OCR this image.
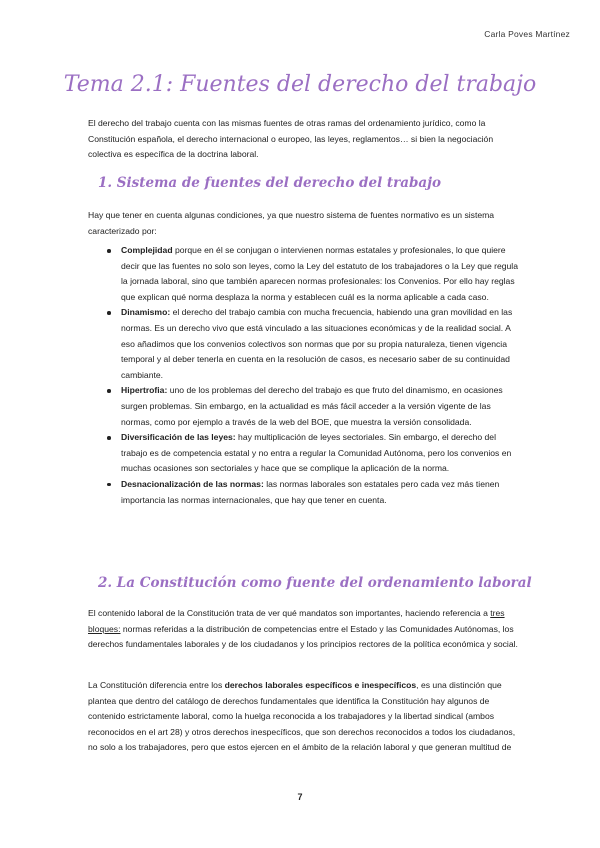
Carla Poves Martínez
Tema 2.1: Fuentes del derecho del trabajo

El derecho del trabajo cuenta con las mismas fuentes de otras ramas del ordenamiento jurídico, como la Constitución española, el derecho internacional o europeo, las leyes, reglamentos… si bien la negociación colectiva es específica de la doctrina laboral.

1. Sistema de fuentes del derecho del trabajo

Hay que tener en cuenta algunas condiciones, ya que nuestro sistema de fuentes normativo es un sistema caracterizado por:

Complejidad porque en él se conjugan o intervienen normas estatales y profesionales, lo que quiere decir que las fuentes no solo son leyes, como la Ley del estatuto de los trabajadores o la Ley que regula la jornada laboral, sino que también aparecen normas profesionales: los Convenios. Por ello hay reglas que explican qué norma desplaza la norma y establecen cuál es la norma aplicable a cada caso.
Dinamismo: el derecho del trabajo cambia con mucha frecuencia, habiendo una gran movilidad en las normas. Es un derecho vivo que está vinculado a las situaciones económicas y de la realidad social. A eso añadimos que los convenios colectivos son normas que por su propia naturaleza, tienen vigencia temporal y al deber tenerla en cuenta en la resolución de casos, es necesario saber de su continuidad cambiante.
Hipertrofia: uno de los problemas del derecho del trabajo es que fruto del dinamismo, en ocasiones surgen problemas. Sin embargo, en la actualidad es más fácil acceder a la versión vigente de las normas, como por ejemplo a través de la web del BOE, que muestra la versión consolidada.
Diversificación de las leyes: hay multiplicación de leyes sectoriales. Sin embargo, el derecho del trabajo es de competencia estatal y no entra a regular la Comunidad Autónoma, pero los convenios en muchas ocasiones son sectoriales y hace que se complique la aplicación de la norma.
Desnacionalización de las normas: las normas laborales son estatales pero cada vez más tienen importancia las normas internacionales, que hay que tener en cuenta.
2. La Constitución como fuente del ordenamiento laboral

El contenido laboral de la Constitución trata de ver qué mandatos son importantes, haciendo referencia a tres bloques: normas referidas a la distribución de competencias entre el Estado y las Comunidades Autónomas, los derechos fundamentales laborales y de los ciudadanos y los principios rectores de la política económica y social.

La Constitución diferencia entre los derechos laborales específicos e inespecíficos, es una distinción que plantea que dentro del catálogo de derechos fundamentales que identifica la Constitución hay algunos de contenido estrictamente laboral, como la huelga reconocida a los trabajadores y la libertad sindical (ambos reconocidos en el art 28) y otros derechos inespecíficos, que son derechos reconocidos a todos los ciudadanos, no solo a los trabajadores, pero que estos ejercen en el ámbito de la relación laboral y que generan multitud de

7
